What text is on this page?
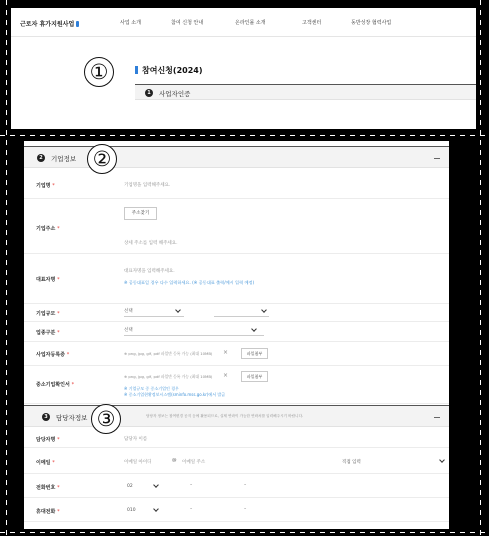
근로자 휴가지원사업	사업 소개	참여 신청 안내	온라인몰 소개	고객센터	동반성장 협력사업
참여신청(2024)
1	사업자인증
2	기업정보
기업명 *	기업명을 입력해주세요.
기업주소 *
주소찾기
상세 주소를 입력 해주세요.
대표자명 *
대표자명을 입력해주세요.
※ 공동대표일 경우 다수 입력하세요. (※ 공동대표 출력/예시 입력 예정)
기업규모 *	선택
업종구분 *	선택
사업자등록증 *	※ png, jpg, gif, pdf 파일만 등록 가능 (최대 10MB) ×	파일첨부
중소기업확인서 *
※ png, jpg, gif, pdf 파일만 등록 가능 (최대 10MB) ×	파일첨부
※ 기업규모 중 중소기업인 경우
※ 중소기업현황정보시스템(sminfo.mss.go.kr)에서 발급
3	담당자정보	담당자 정보는 참여변경 공지 등에 활용되므로, 실제 연락이 가능한 연락처를 입력해주시기 바랍니다.
담당자명 *	담당자 이름
이메일 *	이메일 아이디	@ 이메일 주소	직접 입력
전화번호 *	02	–	–
휴대전화 *	010	–	–
①
②
③
